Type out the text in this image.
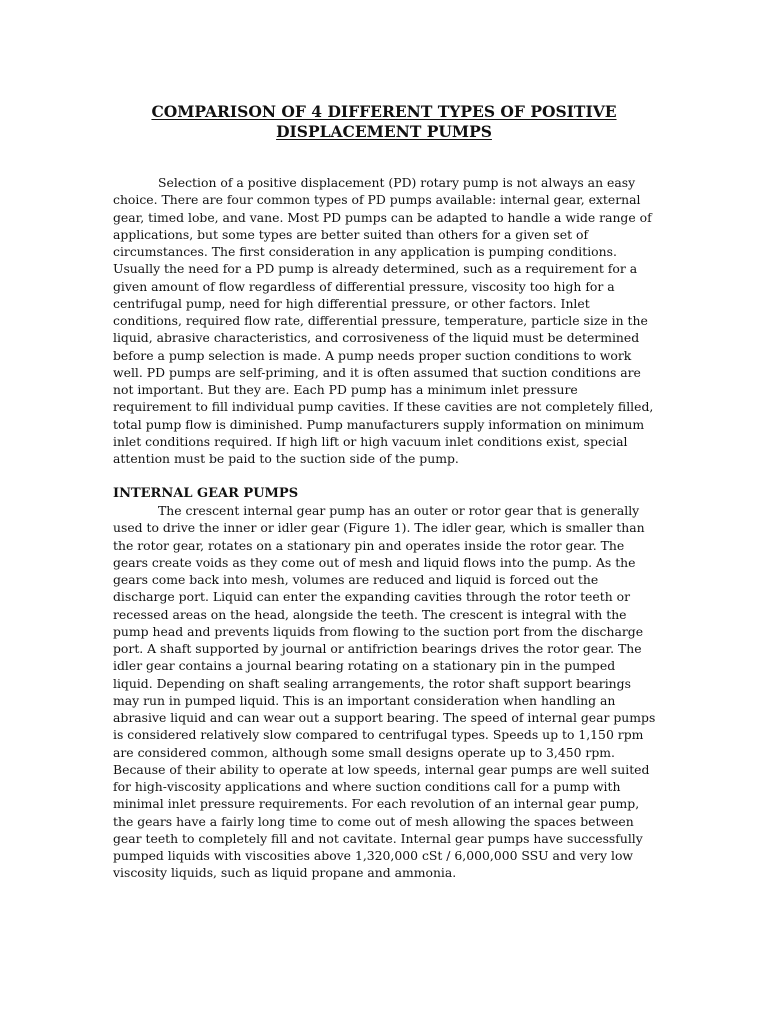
COMPARISON OF 4 DIFFERENT TYPES OF POSITIVE
DISPLACEMENT PUMPS

Selection of a positive displacement (PD) rotary pump is not always an easy choice. There are four common types of PD pumps available: internal gear, external gear, timed lobe, and vane. Most PD pumps can be adapted to handle a wide range of applications, but some types are better suited than others for a given set of circumstances. The first consideration in any application is pumping conditions. Usually the need for a PD pump is already determined, such as a requirement for a given amount of flow regardless of differential pressure, viscosity too high for a centrifugal pump, need for high differential pressure, or other factors. Inlet conditions, required flow rate, differential pressure, temperature, particle size in the liquid, abrasive characteristics, and corrosiveness of the liquid must be determined before a pump selection is made. A pump needs proper suction conditions to work well. PD pumps are self-priming, and it is often assumed that suction conditions are not important. But they are. Each PD pump has a minimum inlet pressure requirement to fill individual pump cavities. If these cavities are not completely filled, total pump flow is diminished. Pump manufacturers supply information on minimum inlet conditions required. If high lift or high vacuum inlet conditions exist, special attention must be paid to the suction side of the pump.

INTERNAL GEAR PUMPS

The crescent internal gear pump has an outer or rotor gear that is generally used to drive the inner or idler gear (Figure 1). The idler gear, which is smaller than the rotor gear, rotates on a stationary pin and operates inside the rotor gear. The gears create voids as they come out of mesh and liquid flows into the pump. As the gears come back into mesh, volumes are reduced and liquid is forced out the discharge port. Liquid can enter the expanding cavities through the rotor teeth or recessed areas on the head, alongside the teeth. The crescent is integral with the pump head and prevents liquids from flowing to the suction port from the discharge port. A shaft supported by journal or antifriction bearings drives the rotor gear. The idler gear contains a journal bearing rotating on a stationary pin in the pumped liquid. Depending on shaft sealing arrangements, the rotor shaft support bearings may run in pumped liquid. This is an important consideration when handling an abrasive liquid and can wear out a support bearing. The speed of internal gear pumps is considered relatively slow compared to centrifugal types. Speeds up to 1,150 rpm are considered common, although some small designs operate up to 3,450 rpm. Because of their ability to operate at low speeds, internal gear pumps are well suited for high-viscosity applications and where suction conditions call for a pump with minimal inlet pressure requirements. For each revolution of an internal gear pump, the gears have a fairly long time to come out of mesh allowing the spaces between gear teeth to completely fill and not cavitate. Internal gear pumps have successfully pumped liquids with viscosities above 1,320,000 cSt / 6,000,000 SSU and very low viscosity liquids, such as liquid propane and ammonia.
